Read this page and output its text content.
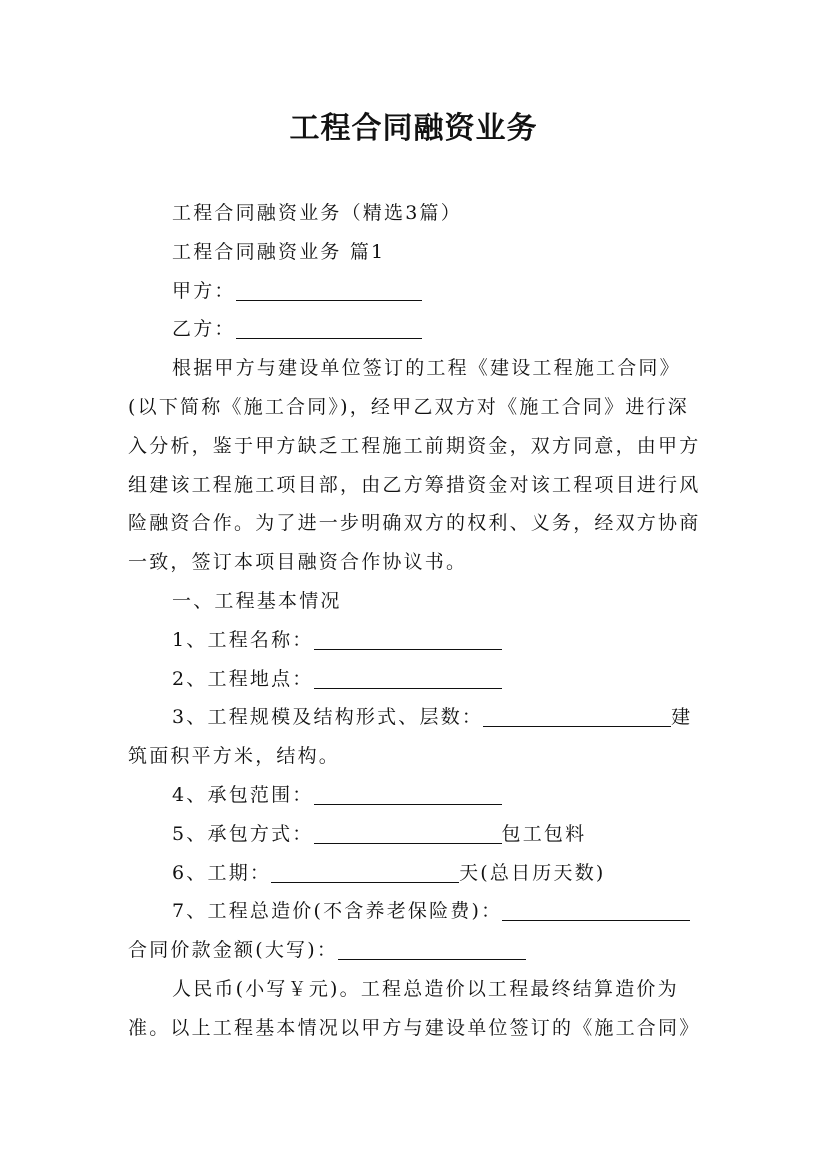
工程合同融资业务

工程合同融资业务（精选3篇）

工程合同融资业务 篇1

甲方：

乙方：

根据甲方与建设单位签订的工程《建设工程施工合同》(以下简称《施工合同》)，经甲乙双方对《施工合同》进行深入分析，鉴于甲方缺乏工程施工前期资金，双方同意，由甲方组建该工程施工项目部，由乙方筹措资金对该工程项目进行风险融资合作。为了进一步明确双方的权利、义务，经双方协商一致，签订本项目融资合作协议书。

一、工程基本情况

1、工程名称：

2、工程地点：

3、工程规模及结构形式、层数：	建筑面积平方米，结构。

4、承包范围：

5、承包方式：	包工包料

6、工期：	天(总日历天数)

7、工程总造价(不含养老保险费)：合同价款金额(大写)：

人民币(小写￥元)。工程总造价以工程最终结算造价为准。以上工程基本情况以甲方与建设单位签订的《施工合同》
